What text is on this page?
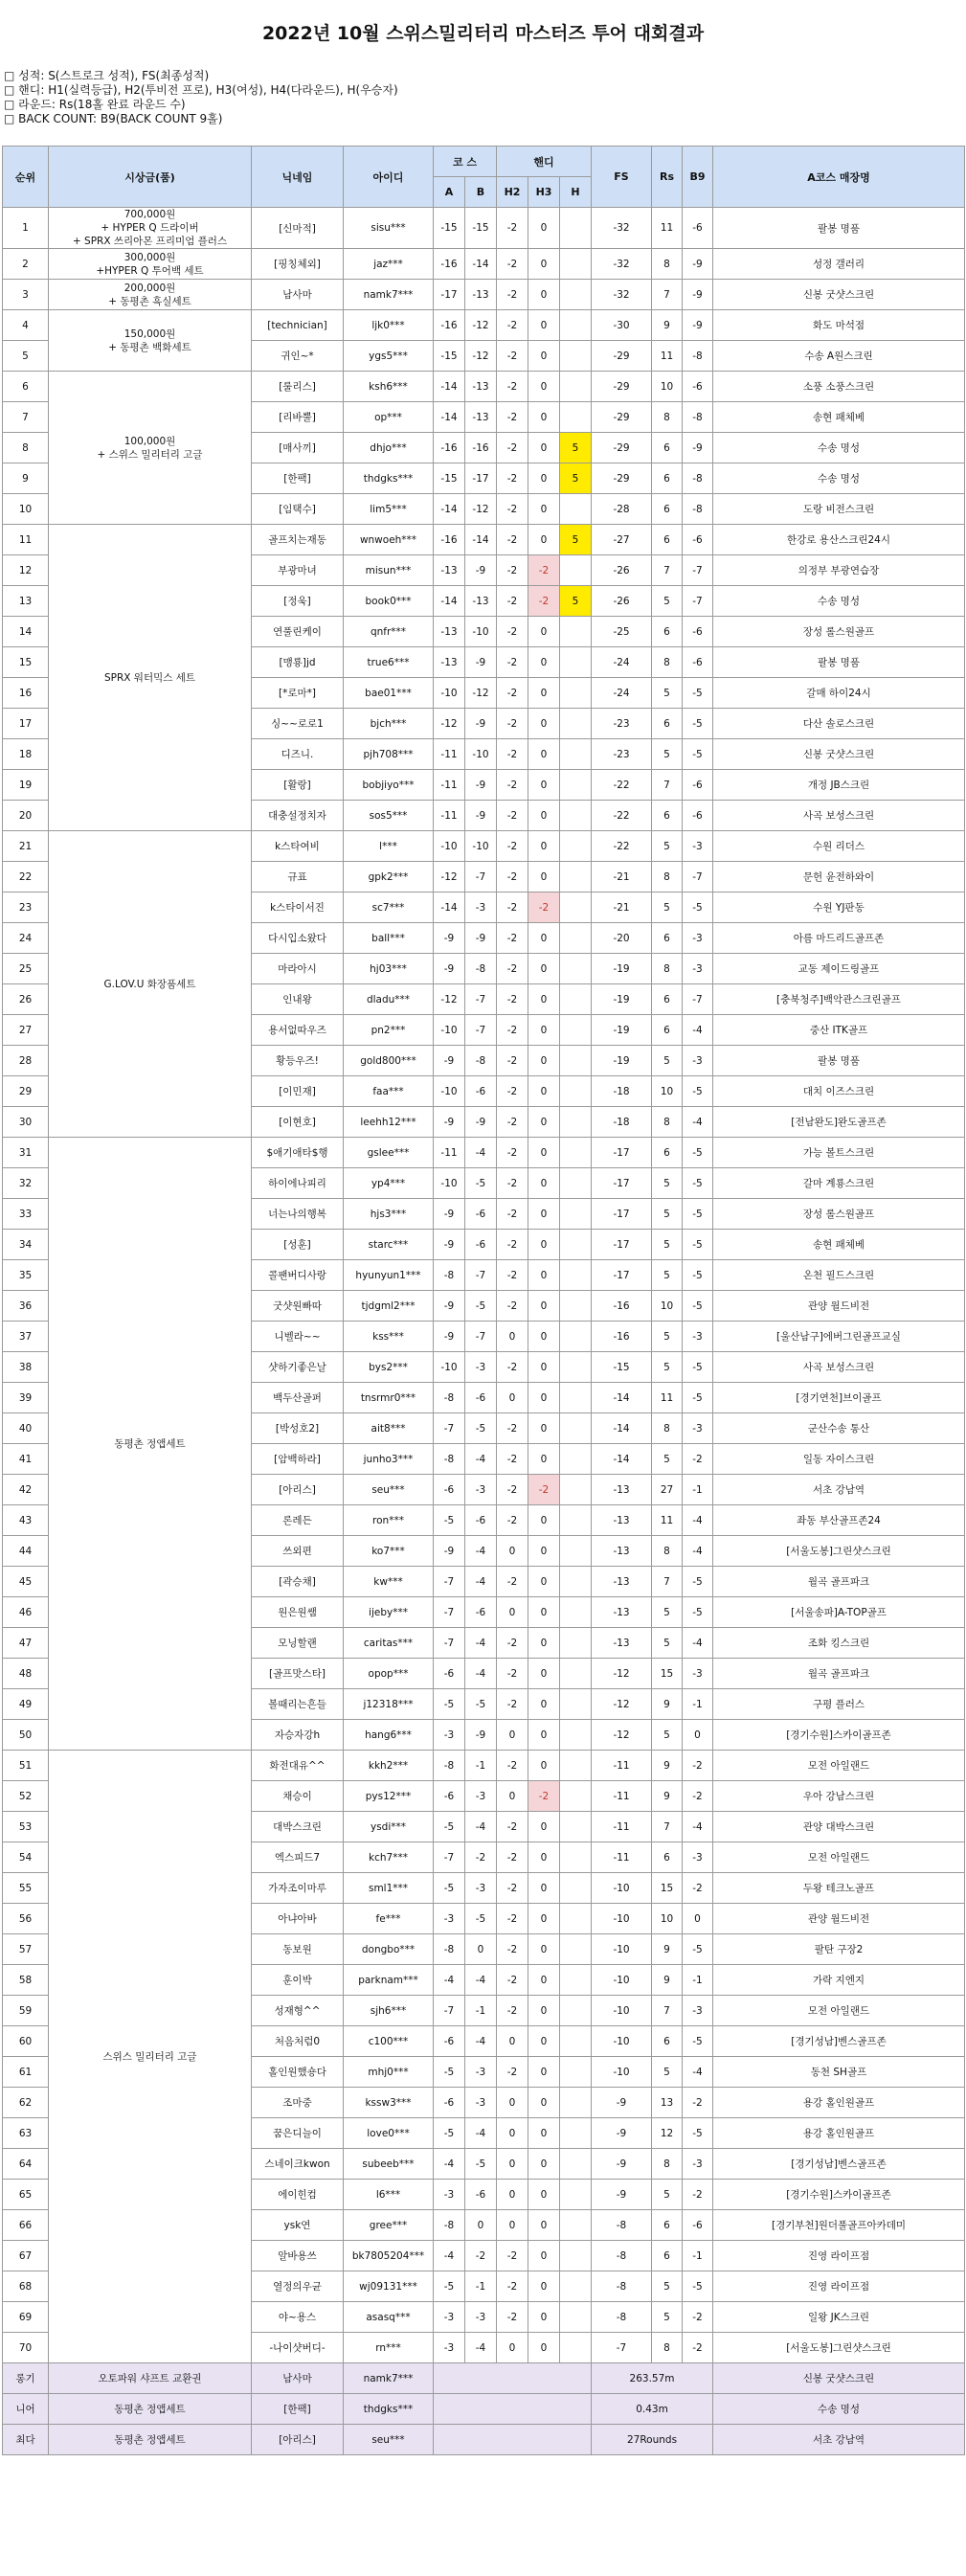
2022년 10월 스위스밀리터리 마스터즈 투어 대회결과
□ 성적: S(스트로크 성적), FS(최종성적)
□ 핸디: H1(실력등급), H2(투비전 프로), H3(여성), H4(다라운드), H(우승자)
□ 라운드: Rs(18홀 완료 라운드 수)
□ BACK COUNT: B9(BACK COUNT 9홀)
순위	시상금(품)	닉네임	아이디	코 스		핸디			FS	Rs	B9	A코스 매장명
				A	B	H2	H3	H				
1	700,000원
+ HYPER Q 드라이버
+ SPRX 쓰리아몬 프리미엄 플러스	[신마적]	sisu***	-15	-15	-2	0		-32	11	-6	팔봉 명품
2	300,000원
+HYPER Q 투어백 세트	[핑칭체외]	jaz***	-16	-14	-2	0		-32	8	-9	성정 갤러리
3	200,000원
+ 동평촌 흑실세트	남사마	namk7***	-17	-13	-2	0		-32	7	-9	신봉 굿샷스크린
4	150,000원
+ 동평촌 백화세트	[technician]	ljk0***	-16	-12	-2	0		-30	9	-9	화도 마석점
5		귀인~*	ygs5***	-15	-12	-2	0		-29	11	-8	수송 A원스크린
6	100,000원
+ 스위스 밀리터리 고글	[룰리스]	ksh6***	-14	-13	-2	0		-29	10	-6	소풍 소풍스크린
7		[리바뿔]	op***	-14	-13	-2	0		-29	8	-8	송현 패체베
8		[매사끼]	dhjo***	-16	-16	-2	0	5	-29	6	-9	수송 명성
9		[한팩]	thdgks***	-15	-17	-2	0	5	-29	6	-8	수송 명성
10		[임택수]	lim5***	-14	-12	-2	0		-28	6	-8	도랑 비전스크린
11	SPRX 워터믹스 세트	골프치는재동	wnwoeh***	-16	-14	-2	0	5	-27	6	-6	한강로 용산스크린24시
12		부광마녀	misun***	-13	-9	-2	-2		-26	7	-7	의정부 부광연습장
13		[정욱]	book0***	-14	-13	-2	-2	5	-26	5	-7	수송 명성
14		연풀린케이	qnfr***	-13	-10	-2	0		-25	6	-6	장성 롤스원골프
15		[맹룡]jd	true6***	-13	-9	-2	0		-24	8	-6	팔봉 명품
16		[*로마*]	bae01***	-10	-12	-2	0		-24	5	-5	갈매 하이24시
17		싱~~로로1	bjch***	-12	-9	-2	0		-23	6	-5	다산 솔로스크린
18		디즈니.	pjh708***	-11	-10	-2	0		-23	5	-5	신봉 굿샷스크린
19		[활랑]	bobjiyo***	-11	-9	-2	0		-22	7	-6	개정 JB스크린
20		대충설정치자	sos5***	-11	-9	-2	0		-22	6	-6	사곡 보성스크린
21	G.LOV.U 화장품세트	k스타여비	l***	-10	-10	-2	0		-22	5	-3	수원 리더스
22		규표	gpk2***	-12	-7	-2	0		-21	8	-7	문헌 윤전하와이
23		k스타이서진	sc7***	-14	-3	-2	-2		-21	5	-5	수원 YJ판동
24		다시입소왔다	ball***	-9	-9	-2	0		-20	6	-3	아름 마드리드골프존
25		마라아시	hj03***	-9	-8	-2	0		-19	8	-3	교동 제이드링골프
26		인내왕	dladu***	-12	-7	-2	0		-19	6	-7	[충북청주]백악관스크린골프
27		용서없따우즈	pn2***	-10	-7	-2	0		-19	6	-4	중산 ITK골프
28		황등우즈!	gold800***	-9	-8	-2	0		-19	5	-3	팔봉 명품
29		[이민재]	faa***	-10	-6	-2	0		-18	10	-5	대치 이즈스크린
30		[이현호]	leehh12***	-9	-9	-2	0		-18	8	-4	[전남완도]완도골프존
31	동평촌 정앱세트	$애기애타$행	gslee***	-11	-4	-2	0		-17	6	-5	가능 볼트스크린
32		하이에나피리	yp4***	-10	-5	-2	0		-17	5	-5	갈마 계룡스크린
33		너는나의행복	hjs3***	-9	-6	-2	0		-17	5	-5	장성 롤스원골프
34		[성훈]	starc***	-9	-6	-2	0		-17	5	-5	송현 패체베
35		콜팬버디사랑	hyunyun1***	-8	-7	-2	0		-17	5	-5	온천 필드스크린
36		굿샷원빠따	tjdgml2***	-9	-5	-2	0		-16	10	-5	관양 월드비전
37		니벨라~~	kss***	-9	-7	0	0		-16	5	-3	[울산남구]에버그린골프교실
38		샷하기좋은날	bys2***	-10	-3	-2	0		-15	5	-5	사곡 보성스크린
39		백두산골퍼	tnsrmr0***	-8	-6	0	0		-14	11	-5	[경기연천]브이골프
40		[박성호2]	ait8***	-7	-5	-2	0		-14	8	-3	군산수송 통산
41		[암백하라]	junho3***	-8	-4	-2	0		-14	5	-2	일동 자이스크린
42		[아리스]	seu***	-6	-3	-2	-2		-13	27	-1	서초 강남역
43		론레든	ron***	-5	-6	-2	0		-13	11	-4	좌동 부산골프존24
44		쓰외편	ko7***	-9	-4	0	0		-13	8	-4	[서울도봉]그린샷스크린
45		[곽승채]	kw***	-7	-4	-2	0		-13	7	-5	월곡 골프파크
46		원은원쌤	ijeby***	-7	-6	0	0		-13	5	-5	[서울송파]A-TOP골프
47		모닝할랜	caritas***	-7	-4	-2	0		-13	5	-4	조화 킹스크린
48		[골프맛스타]	opop***	-6	-4	-2	0		-12	15	-3	월곡 골프파크
49		볼때리는흔들	j12318***	-5	-5	-2	0		-12	9	-1	구평 플러스
50		자승자강h	hang6***	-3	-9	0	0		-12	5	0	[경기수원]스카이골프존
51	스위스 밀리터리 고글	화전대유^^	kkh2***	-8	-1	-2	0		-11	9	-2	모전 아일랜드
52		채승이	pys12***	-6	-3	0	-2		-11	9	-2	우아 강남스크린
53		대박스크린	ysdi***	-5	-4	-2	0		-11	7	-4	관양 대박스크린
54		엑스피드7	kch7***	-7	-2	-2	0		-11	6	-3	모전 아일랜드
55		가자조이마루	sml1***	-5	-3	-2	0		-10	15	-2	두왕 테크노골프
56		아냐아바	fe***	-3	-5	-2	0		-10	10	0	관양 월드비전
57		동보원	dongbo***	-8	0	-2	0		-10	9	-5	팔탄 구장2
58		훈이박	parknam***	-4	-4	-2	0		-10	9	-1	가락 지엔지
59		성재형^^	sjh6***	-7	-1	-2	0		-10	7	-3	모전 아일랜드
60		처음처럼0	c100***	-6	-4	0	0		-10	6	-5	[경기성남]벤스골프존
61		홀인원했숑다	mhj0***	-5	-3	-2	0		-10	5	-4	동천 SH골프
62		조마중	kssw3***	-6	-3	0	0		-9	13	-2	용강 홀인원골프
63		꿈은디늘이	love0***	-5	-4	0	0		-9	12	-5	용강 홀인원골프
64		스네이크kwon	subeeb***	-4	-5	0	0		-9	8	-3	[경기성남]벤스골프존
65		에이힌컴	l6***	-3	-6	0	0		-9	5	-2	[경기수원]스카이골프존
66		ysk연	gree***	-8	0	0	0		-8	6	-6	[경기부천]원더풀골프아카데미
67		알바용쓰	bk7805204***	-4	-2	-2	0		-8	6	-1	진영 라이프점
68		열정의우균	wj09131***	-5	-1	-2	0		-8	5	-5	진영 라이프점
69		야~용스	asasq***	-3	-3	-2	0		-8	5	-2	일왕 JK스크린
70		-나이샷버디-	rn***	-3	-4	0	0		-7	8	-2	[서울도봉]그린샷스크린
롱기	오토파워 샤프트 교환권	남사마	namk7***						263.57m			신봉 굿샷스크린
니어	동평촌 정앱세트	[한팩]	thdgks***						0.43m			수송 명성
최다	동평촌 정앱세트	[아리스]	seu***						27Rounds			서초 강남역
